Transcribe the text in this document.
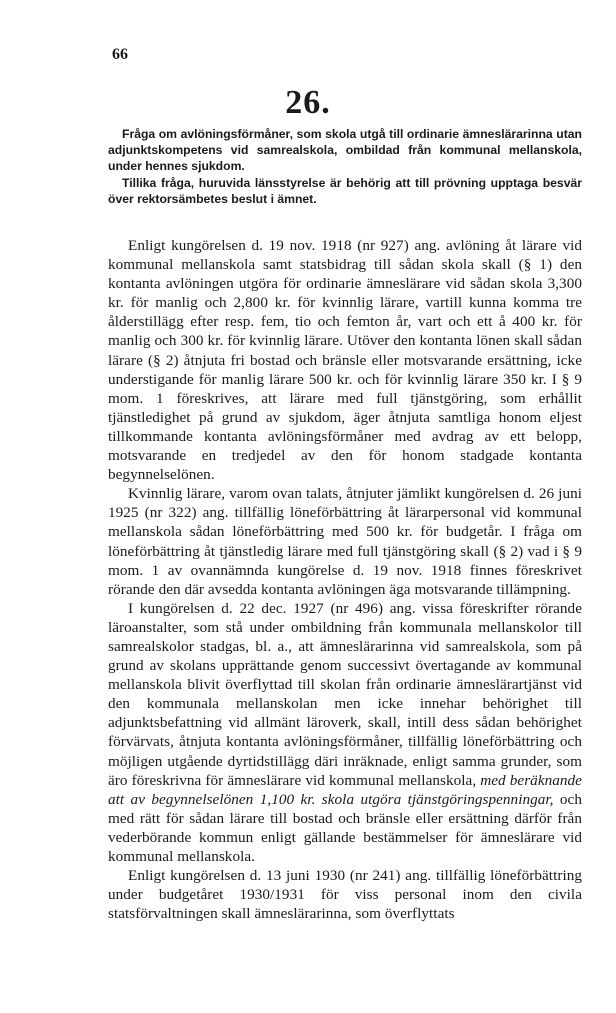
66
26.

Fråga om avlöningsförmåner, som skola utgå till ordinarie ämneslärarinna utan adjunktskompetens vid samrealskola, ombildad från kommunal mellanskola, under hennes sjukdom.

Tillika fråga, huruvida länsstyrelse är behörig att till prövning upptaga besvär över rektorsämbetes beslut i ämnet.

Enligt kungörelsen d. 19 nov. 1918 (nr 927) ang. avlöning åt lärare vid kommunal mellanskola samt statsbidrag till sådan skola skall (§ 1) den kontanta avlöningen utgöra för ordinarie ämneslärare vid sådan skola 3,300 kr. för manlig och 2,800 kr. för kvinnlig lärare, vartill kunna komma tre ålderstillägg efter resp. fem, tio och femton år, vart och ett å 400 kr. för manlig och 300 kr. för kvinnlig lärare. Utöver den kontanta lönen skall sådan lärare (§ 2) åtnjuta fri bostad och bränsle eller motsvarande ersättning, icke understigande för manlig lärare 500 kr. och för kvinnlig lärare 350 kr. I § 9 mom. 1 föreskrives, att lärare med full tjänstgöring, som erhållit tjänstledighet på grund av sjukdom, äger åtnjuta samtliga honom eljest tillkommande kontanta avlöningsförmåner med avdrag av ett belopp, motsvarande en tredjedel av den för honom stadgade kontanta begynnelselönen.

Kvinnlig lärare, varom ovan talats, åtnjuter jämlikt kungörelsen d. 26 juni 1925 (nr 322) ang. tillfällig löneförbättring åt lärarpersonal vid kommunal mellanskola sådan löneförbättring med 500 kr. för budgetår. I fråga om löneförbättring åt tjänstledig lärare med full tjänstgöring skall (§ 2) vad i § 9 mom. 1 av ovannämnda kungörelse d. 19 nov. 1918 finnes föreskrivet rörande den där avsedda kontanta avlöningen äga motsvarande tillämpning.

I kungörelsen d. 22 dec. 1927 (nr 496) ang. vissa föreskrifter rörande läroanstalter, som stå under ombildning från kommunala mellanskolor till samrealskolor stadgas, bl. a., att ämneslärarinna vid samrealskola, som på grund av skolans upprättande genom successivt övertagande av kommunal mellanskola blivit överflyttad till skolan från ordinarie ämneslärartjänst vid den kommunala mellanskolan men icke innehar behörighet till adjunktsbefattning vid allmänt läroverk, skall, intill dess sådan behörighet förvärvats, åtnjuta kontanta avlöningsförmåner, tillfällig löneförbättring och möjligen utgående dyrtidstillägg däri inräknade, enligt samma grunder, som äro föreskrivna för ämneslärare vid kommunal mellanskola, med beräknande att av begynnelselönen 1,100 kr. skola utgöra tjänstgöringspenningar, och med rätt för sådan lärare till bostad och bränsle eller ersättning därför från vederbörande kommun enligt gällande bestämmelser för ämneslärare vid kommunal mellanskola.

Enligt kungörelsen d. 13 juni 1930 (nr 241) ang. tillfällig löneförbättring under budgetåret 1930/1931 för viss personal inom den civila statsförvaltningen skall ämneslärarinna, som överflyttats
